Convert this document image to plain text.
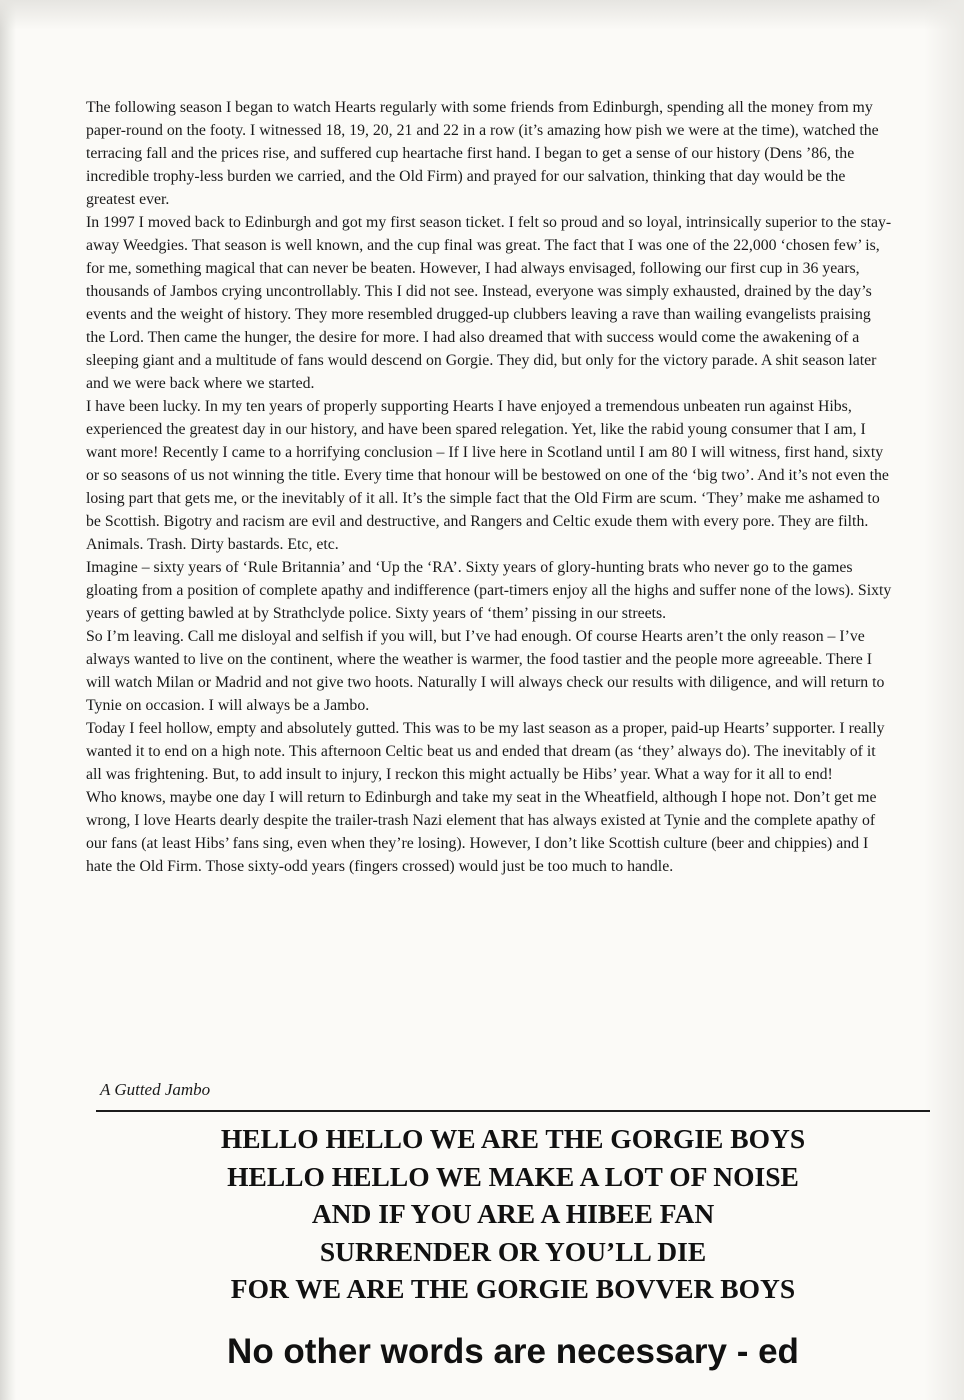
The following season I began to watch Hearts regularly with some friends from Edinburgh, spending all the money from my paper-round on the footy. I witnessed 18, 19, 20, 21 and 22 in a row (it’s amazing how pish we were at the time), watched the terracing fall and the prices rise, and suffered cup heartache first hand. I began to get a sense of our history (Dens ’86, the incredible trophy-less burden we carried, and the Old Firm) and prayed for our salvation, thinking that day would be the greatest ever.

In 1997 I moved back to Edinburgh and got my first season ticket. I felt so proud and so loyal, intrinsically superior to the stay-away Weedgies. That season is well known, and the cup final was great. The fact that I was one of the 22,000 ‘chosen few’ is, for me, something magical that can never be beaten. However, I had always envisaged, following our first cup in 36 years, thousands of Jambos crying uncontrollably. This I did not see. Instead, everyone was simply exhausted, drained by the day’s events and the weight of history. They more resembled drugged-up clubbers leaving a rave than wailing evangelists praising the Lord. Then came the hunger, the desire for more. I had also dreamed that with success would come the awakening of a sleeping giant and a multitude of fans would descend on Gorgie. They did, but only for the victory parade. A shit season later and we were back where we started.

I have been lucky. In my ten years of properly supporting Hearts I have enjoyed a tremendous unbeaten run against Hibs, experienced the greatest day in our history, and have been spared relegation. Yet, like the rabid young consumer that I am, I want more! Recently I came to a horrifying conclusion – If I live here in Scotland until I am 80 I will witness, first hand, sixty or so seasons of us not winning the title. Every time that honour will be bestowed on one of the ‘big two’. And it’s not even the losing part that gets me, or the inevitably of it all. It’s the simple fact that the Old Firm are scum. ‘They’ make me ashamed to be Scottish. Bigotry and racism are evil and destructive, and Rangers and Celtic exude them with every pore. They are filth. Animals. Trash. Dirty bastards. Etc, etc.

Imagine – sixty years of ‘Rule Britannia’ and ‘Up the ‘RA’. Sixty years of glory-hunting brats who never go to the games gloating from a position of complete apathy and indifference (part-timers enjoy all the highs and suffer none of the lows). Sixty years of getting bawled at by Strathclyde police. Sixty years of ‘them’ pissing in our streets.

So I’m leaving. Call me disloyal and selfish if you will, but I’ve had enough. Of course Hearts aren’t the only reason – I’ve always wanted to live on the continent, where the weather is warmer, the food tastier and the people more agreeable. There I will watch Milan or Madrid and not give two hoots. Naturally I will always check our results with diligence, and will return to Tynie on occasion. I will always be a Jambo.

Today I feel hollow, empty and absolutely gutted. This was to be my last season as a proper, paid-up Hearts’ supporter. I really wanted it to end on a high note. This afternoon Celtic beat us and ended that dream (as ‘they’ always do). The inevitably of it all was frightening. But, to add insult to injury, I reckon this might actually be Hibs’ year. What a way for it all to end!

Who knows, maybe one day I will return to Edinburgh and take my seat in the Wheatfield, although I hope not. Don’t get me wrong, I love Hearts dearly despite the trailer-trash Nazi element that has always existed at Tynie and the complete apathy of our fans (at least Hibs’ fans sing, even when they’re losing). However, I don’t like Scottish culture (beer and chippies) and I hate the Old Firm. Those sixty-odd years (fingers crossed) would just be too much to handle.

A Gutted Jambo
HELLO HELLO WE ARE THE GORGIE BOYS
HELLO HELLO WE MAKE A LOT OF NOISE
AND IF YOU ARE A HIBEE FAN
SURRENDER OR YOU’LL DIE
FOR WE ARE THE GORGIE BOVVER BOYS
No other words are necessary - ed
